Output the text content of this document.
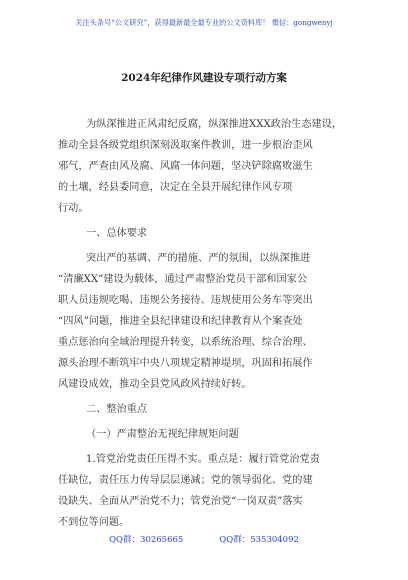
关注头条号“公文研究”，获得最新最全最专业的公文资料库！ 微信：gongwenyj
2024年纪律作风建设专项行动方案
为纵深推进正风肃纪反腐，纵深推进XXX政治生态建设，
推动全县各级党组织深刻汲取案件教训，进一步根治歪风
邪气，严查由风及腐、风腐一体问题，坚决铲除腐败滋生
的土壤，经县委同意，决定在全县开展纪律作风专项
行动。
一、总体要求
突出严的基调、严的措施、严的氛围，以纵深推进
“清廉XX”建设为载体，通过严肃整治党员干部和国家公
职人员违规吃喝、违规公务接待、违规使用公务车等突出
“四风”问题，推进全县纪律建设和纪律教育从个案查处
重点惩治向全域治理提升转变，以系统治理、综合治理、
源头治理不断筑牢中央八项规定精神堤坝，巩固和拓展作
风建设成效，推动全县党风政风持续好转。
二、整治重点
（一）严肃整治无视纪律规矩问题
1.管党治党责任压得不实。重点是：履行管党治党责
任缺位，责任压力传导层层递减；党的领导弱化、党的建
设缺失、全面从严治党不力；管党治党“一岗双责”落实
不到位等问题。
QQ群：30265665	QQ群：535304092
